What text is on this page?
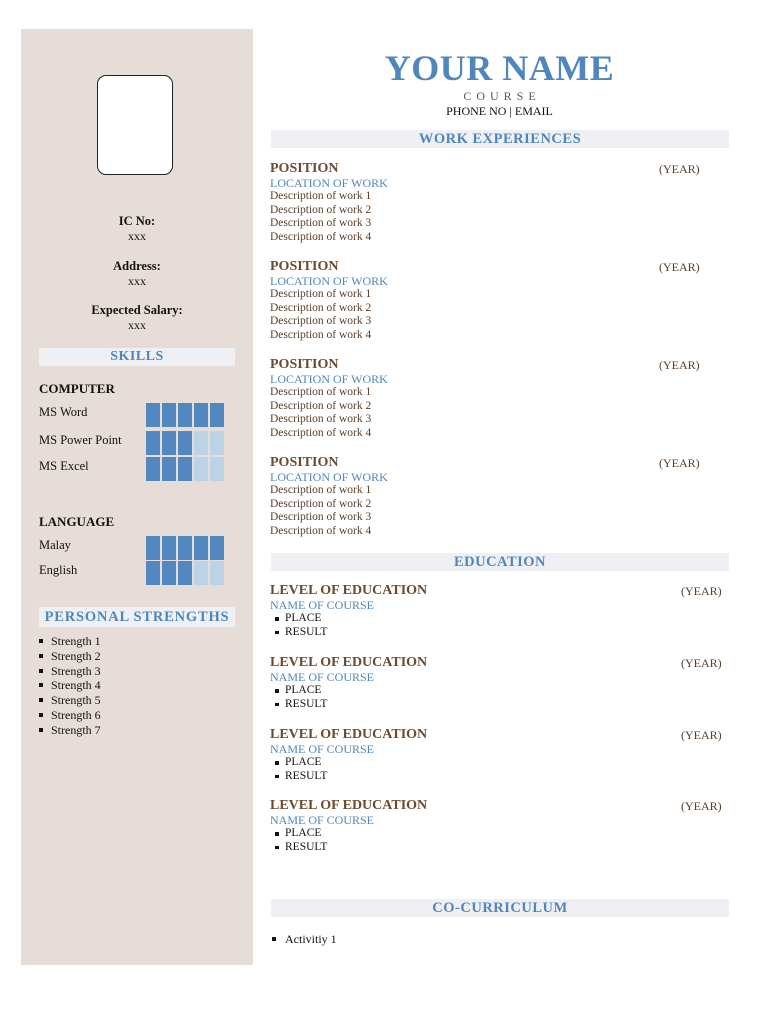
IC No:
xxx
Address:
xxx
Expected Salary:
xxx
SKILLS
COMPUTER
MS Word
MS Power Point
MS Excel
LANGUAGE
Malay
English
PERSONAL STRENGTHS
Strength 1
Strength 2
Strength 3
Strength 4
Strength 5
Strength 6
Strength 7
YOUR NAME
COURSE
PHONE NO | EMAIL
WORK EXPERIENCES
POSITION	(YEAR)
LOCATION OF WORK
Description of work 1
Description of work 2
Description of work 3
Description of work 4
POSITION	(YEAR)
LOCATION OF WORK
Description of work 1
Description of work 2
Description of work 3
Description of work 4
POSITION	(YEAR)
LOCATION OF WORK
Description of work 1
Description of work 2
Description of work 3
Description of work 4
POSITION	(YEAR)
LOCATION OF WORK
Description of work 1
Description of work 2
Description of work 3
Description of work 4
EDUCATION
LEVEL OF EDUCATION	(YEAR)
NAME OF COURSE
PLACE
RESULT
LEVEL OF EDUCATION	(YEAR)
NAME OF COURSE
PLACE
RESULT
LEVEL OF EDUCATION	(YEAR)
NAME OF COURSE
PLACE
RESULT
LEVEL OF EDUCATION	(YEAR)
NAME OF COURSE
PLACE
RESULT
CO-CURRICULUM
Activitiy 1
